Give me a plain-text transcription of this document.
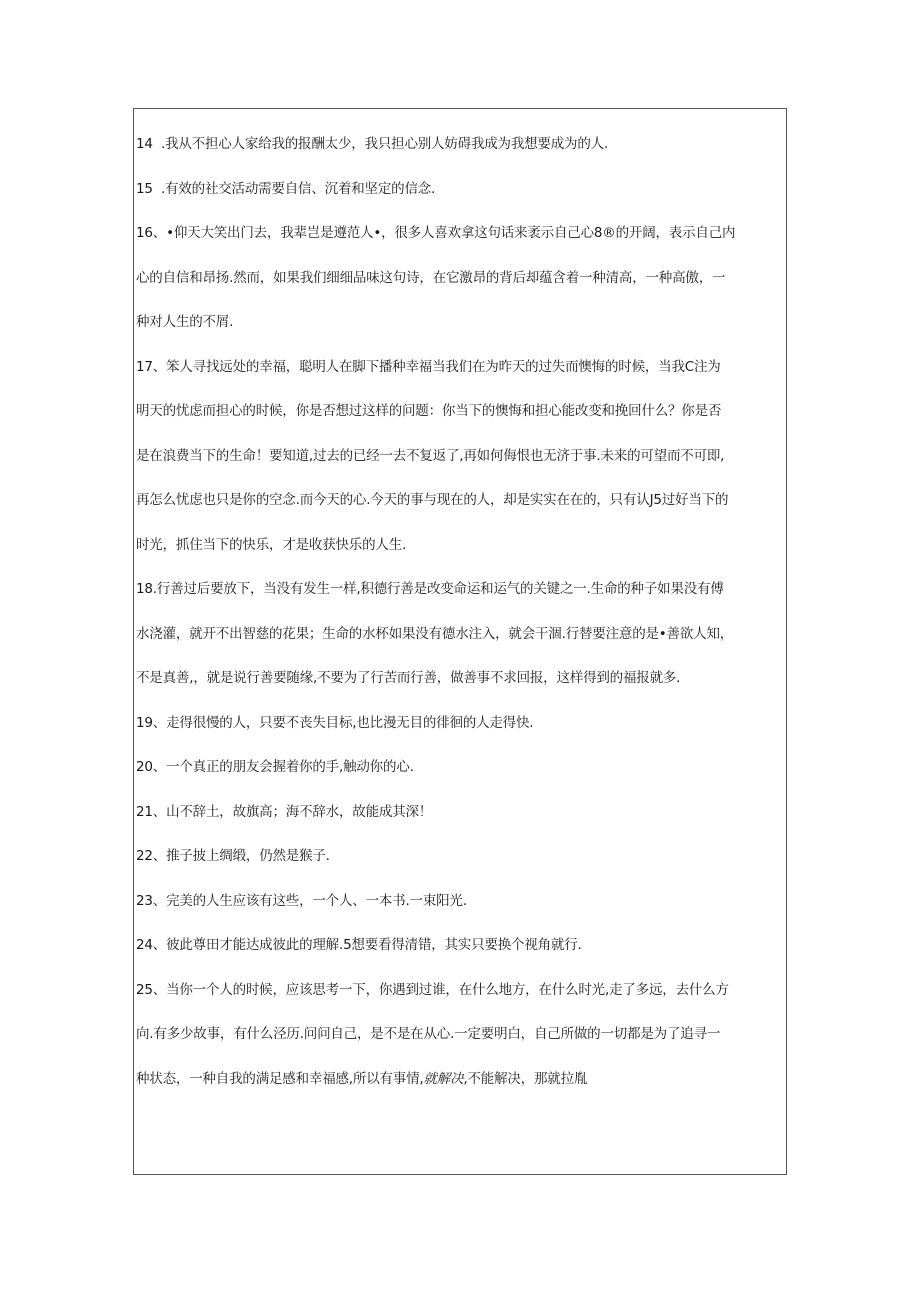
14  .我从不担心人家给我的报酬太少，我只担心别人妨碍我成为我想要成为的人.
15  .有效的社交活动需要自信、沉着和坚定的信念.
16、•仰天大笑出门去，我辈岂是遵范人•，很多人喜欢拿这句话来袤示自己心8®的开阔，表示自己内
心的自信和昂扬.然而，如果我们细细品味这句诗，在它激昂的背后却蕴含着一种清高，一种高傲，一
种对人生的不屑.
17、笨人寻找远处的幸福，聪明人在脚下播种幸福当我们在为昨天的过失而懊悔的时候，当我C注为
明天的忧虑而担心的时候，你是否想过这样的问题：你当下的懊悔和担心能改变和挽回什么？你是否
是在浪费当下的生命！要知道,过去的已经一去不复返了,再如何侮恨也无济于事.未来的可望而不可即,
再怎么忧虑也只是你的空念.而今天的心.今天的事与现在的人，却是实实在在的，只有认J5过好当下的
时光，抓住当下的快乐，才是收获快乐的人生.
18.行善过后要放下，当没有发生一样,积德行善是改变命运和运气的关键之一.生命的种子如果没有傅
水浇灌，就开不出智慈的花果；生命的水杯如果没有德水注入，就会干涸.行替要注意的是•善欲人知，
不是真善,，就是说行善要随缘,不要为了行苦而行善，做善事不求回报，这样得到的福报就多.
19、走得很慢的人，只要不丧失目标,也比漫无目的徘徊的人走得快.
20、一个真正的朋友会握着你的手,触动你的心.
21、山不辞土，故旗高；海不辞水，故能成其深！
22、推子披上绸缎，仍然是猴子.
23、完美的人生应该有这些，一个人、一本书.一束阳光.
24、彼此尊田才能达成彼此的理解.5想要看得清错，其实只要换个视角就行.
25、当你一个人的时候，应该思考一下，你遇到过谁，在什么地方，在什么时光,走了多远，去什么方
向.有多少故事，有什么泾历.问问自己，是不是在从心.一定要明白，自己所做的一切都是为了追寻一
种状态，一种自我的满足感和幸福感,所以有事情,就解决,不能解决，那就拉胤
